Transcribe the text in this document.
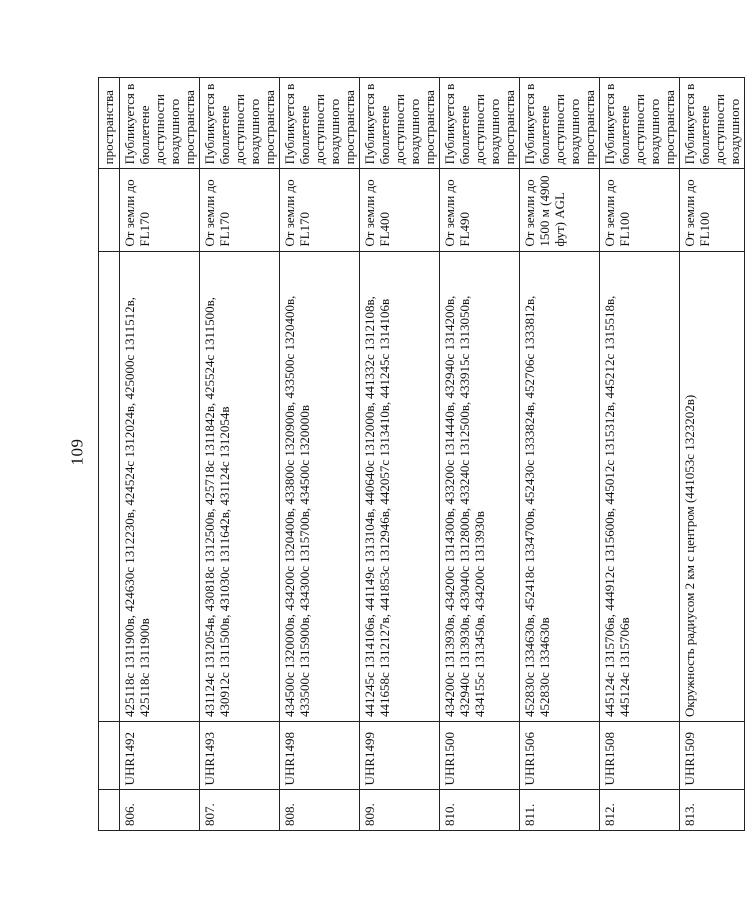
109
				пространства
806.	UHR1492	425118с 1311900в, 424630с 1312230в, 424524с 1312024в, 425000с 1311512в, 425118с 1311900в	От земли до FL170	Публикуется в бюллетене доступности воздушного пространства
807.	UHR1493	431124с 1312054в, 430818с 1312500в, 425718с 1311842в, 425524с 1311500в, 430912с 1311500в, 431030с 1311642в, 431124с 1312054в	От земли до FL170	Публикуется в бюллетене доступности воздушного пространства
808.	UHR1498	434500с 1320000в, 434200с 1320400в, 433800с 1320900в, 433500с 1320400в, 433500с 1315900в, 434300с 1315700в, 434500с 1320000в	От земли до FL170	Публикуется в бюллетене доступности воздушного пространства
809.	UHR1499	441245с 1314106в, 441149с 1313104в, 440640с 1312000в, 441332с 1312108в, 441658с 1312127в, 441853с 1312946в, 442057с 1313410в, 441245с 1314106в	От земли до FL400	Публикуется в бюллетене доступности воздушного пространства
810.	UHR1500	434200с 1313930в, 434200с 1314300в, 433200с 1314440в, 432940с 1314200в, 432940с 1313930в, 433040с 1312800в, 433240с 1312500в, 433915с 1313050в, 434155с 1313450в, 434200с 1313930в	От земли до FL490	Публикуется в бюллетене доступности воздушного пространства
811.	UHR1506	452830с 1334630в, 452418с 1334700в, 452430с 1333824в, 452706с 1333812в, 452830с 1334630в	От земли до 1500 м (4900 фут) AGL	Публикуется в бюллетене доступности воздушного пространства
812.	UHR1508	445124с 1315706в, 444912с 1315600в, 445012с 1315312в, 445212с 1315518в, 445124с 1315706в	От земли до FL100	Публикуется в бюллетене доступности воздушного пространства
813.	UHR1509	Окружность радиусом 2 км с центром (441053с 1323202в)	От земли до FL100	Публикуется в бюллетене доступности воздушного
